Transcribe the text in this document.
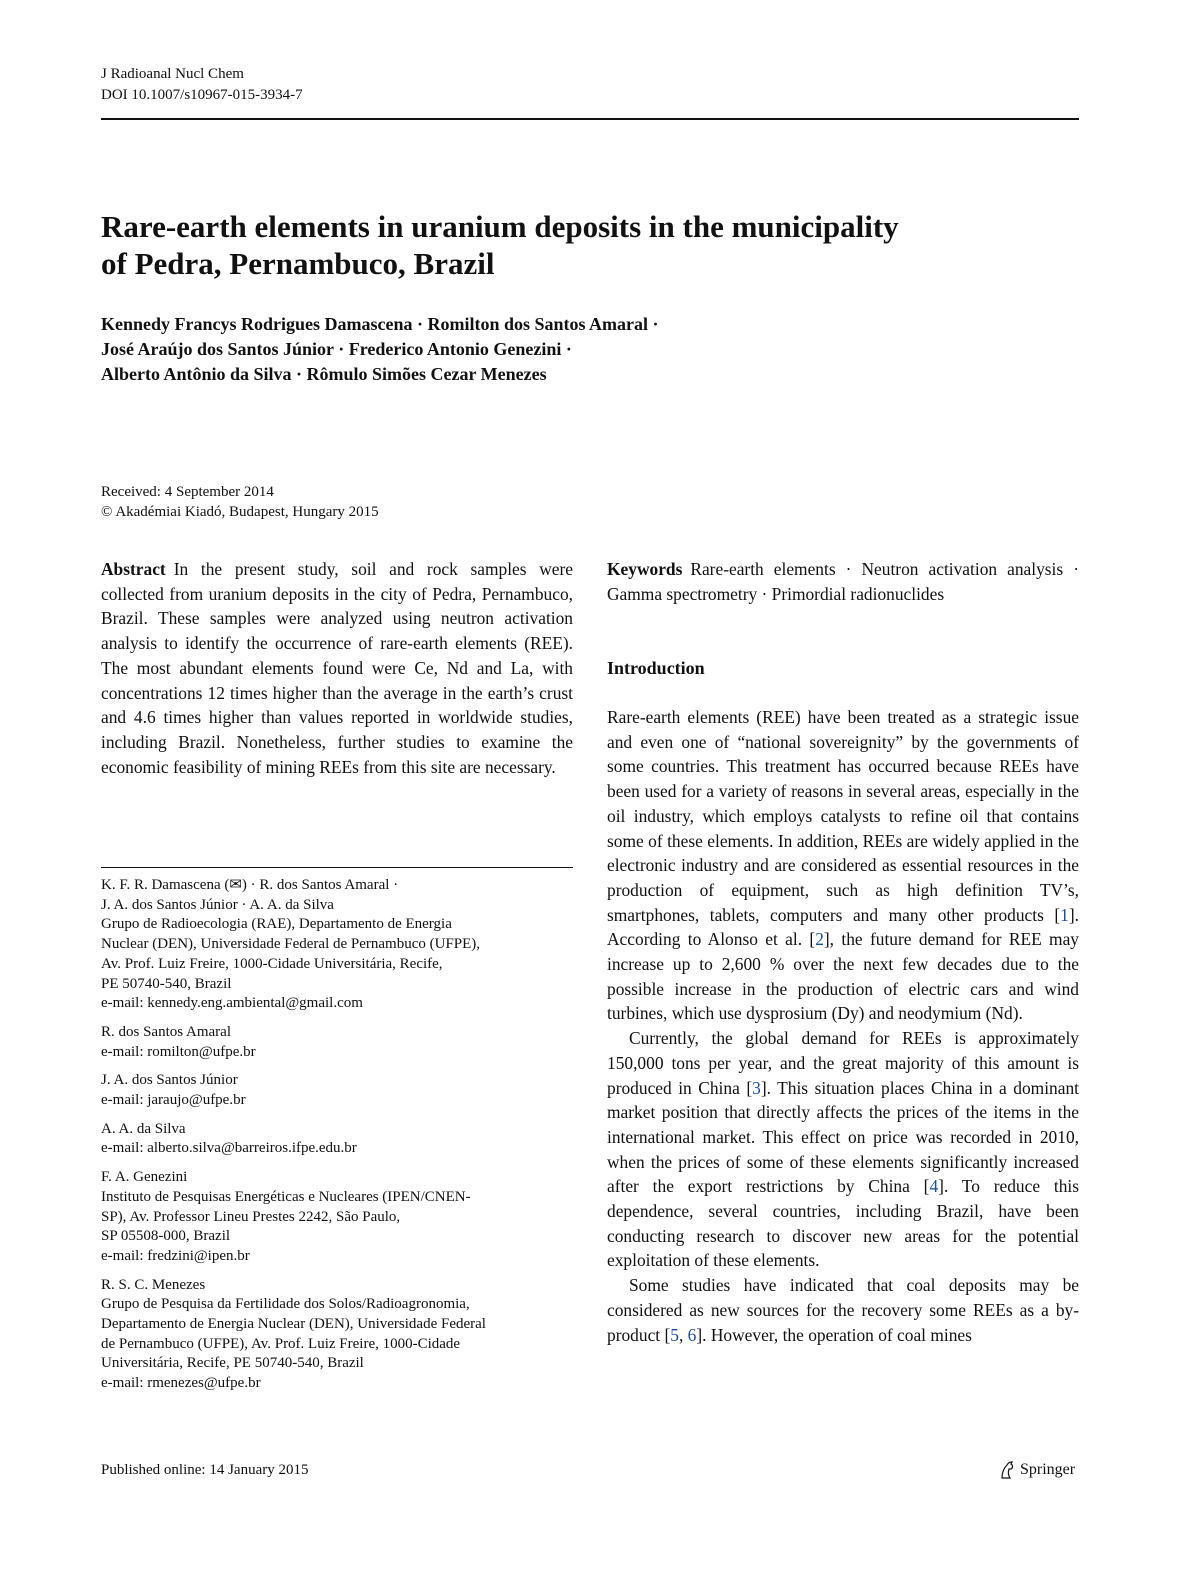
J Radioanal Nucl Chem
DOI 10.1007/s10967-015-3934-7
Rare-earth elements in uranium deposits in the municipality
of Pedra, Pernambuco, Brazil
Kennedy Francys Rodrigues Damascena · Romilton dos Santos Amaral ·
José Araújo dos Santos Júnior · Frederico Antonio Genezini ·
Alberto Antônio da Silva · Rômulo Simões Cezar Menezes
Received: 4 September 2014
© Akadémiai Kiadó, Budapest, Hungary 2015
Abstract In the present study, soil and rock samples were collected from uranium deposits in the city of Pedra, Pernambuco, Brazil. These samples were analyzed using neutron activation analysis to identify the occurrence of rare-earth elements (REE). The most abundant elements found were Ce, Nd and La, with concentrations 12 times higher than the average in the earth’s crust and 4.6 times higher than values reported in worldwide studies, including Brazil. Nonetheless, further studies to examine the economic feasibility of mining REEs from this site are necessary.
K. F. R. Damascena (✉) · R. dos Santos Amaral ·
J. A. dos Santos Júnior · A. A. da Silva
Grupo de Radioecologia (RAE), Departamento de Energia
Nuclear (DEN), Universidade Federal de Pernambuco (UFPE),
Av. Prof. Luiz Freire, 1000-Cidade Universitária, Recife,
PE 50740-540, Brazil
e-mail: kennedy.eng.ambiental@gmail.com
R. dos Santos Amaral
e-mail: romilton@ufpe.br
J. A. dos Santos Júnior
e-mail: jaraujo@ufpe.br
A. A. da Silva
e-mail: alberto.silva@barreiros.ifpe.edu.br
F. A. Genezini
Instituto de Pesquisas Energéticas e Nucleares (IPEN/CNEN-
SP), Av. Professor Lineu Prestes 2242, São Paulo,
SP 05508-000, Brazil
e-mail: fredzini@ipen.br
R. S. C. Menezes
Grupo de Pesquisa da Fertilidade dos Solos/Radioagronomia,
Departamento de Energia Nuclear (DEN), Universidade Federal
de Pernambuco (UFPE), Av. Prof. Luiz Freire, 1000-Cidade
Universitária, Recife, PE 50740-540, Brazil
e-mail: rmenezes@ufpe.br
Keywords Rare-earth elements · Neutron activation analysis · Gamma spectrometry · Primordial radionuclides
Introduction

Rare-earth elements (REE) have been treated as a strategic issue and even one of “national sovereignity” by the governments of some countries. This treatment has occurred because REEs have been used for a variety of reasons in several areas, especially in the oil industry, which employs catalysts to refine oil that contains some of these elements. In addition, REEs are widely applied in the electronic industry and are considered as essential resources in the production of equipment, such as high definition TV’s, smartphones, tablets, computers and many other products [1]. According to Alonso et al. [2], the future demand for REE may increase up to 2,600 % over the next few decades due to the possible increase in the production of electric cars and wind turbines, which use dysprosium (Dy) and neodymium (Nd).

Currently, the global demand for REEs is approximately 150,000 tons per year, and the great majority of this amount is produced in China [3]. This situation places China in a dominant market position that directly affects the prices of the items in the international market. This effect on price was recorded in 2010, when the prices of some of these elements significantly increased after the export restrictions by China [4]. To reduce this dependence, several countries, including Brazil, have been conducting research to discover new areas for the potential exploitation of these elements.

Some studies have indicated that coal deposits may be considered as new sources for the recovery some REEs as a by-product [5, 6]. However, the operation of coal mines

Published online: 14 January 2015	Springer
